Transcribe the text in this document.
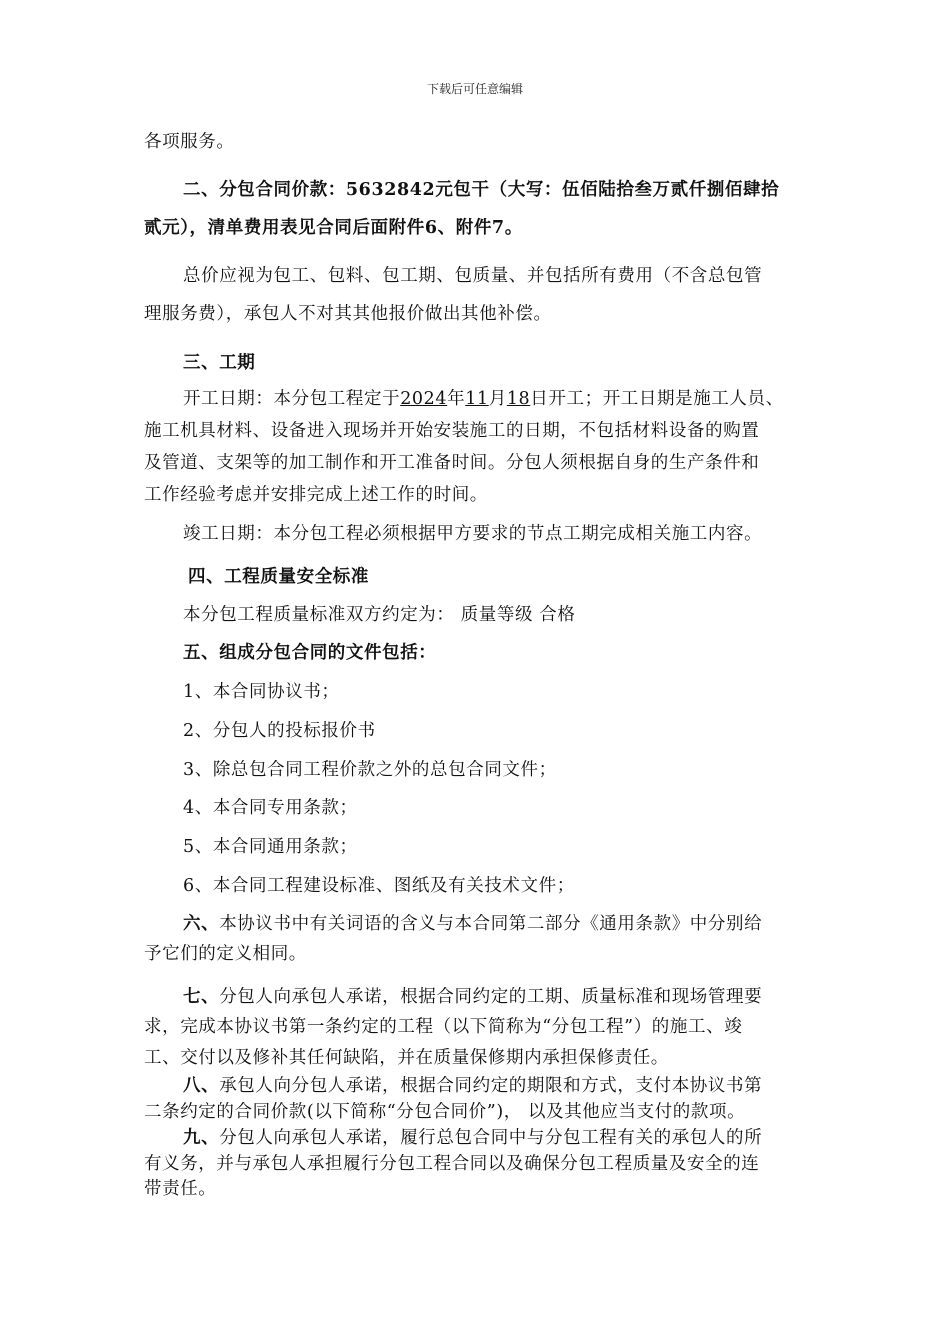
下载后可任意编辑
各项服务。
二、分包合同价款：5632842元包干（大写：伍佰陆拾叁万贰仟捌佰肆拾
贰元），清单费用表见合同后面附件6、附件7。
总价应视为包工、包料、包工期、包质量、并包括所有费用（不含总包管
理服务费），承包人不对其其他报价做出其他补偿。
三、工期
开工日期：本分包工程定于2024年11月18日开工；开工日期是施工人员、
施工机具材料、设备进入现场并开始安装施工的日期，不包括材料设备的购置
及管道、支架等的加工制作和开工准备时间。分包人须根据自身的生产条件和
工作经验考虑并安排完成上述工作的时间。
竣工日期：本分包工程必须根据甲方要求的节点工期完成相关施工内容。
四、工程质量安全标准
本分包工程质量标准双方约定为： 质量等级 合格
五、组成分包合同的文件包括：
1、本合同协议书；
2、分包人的投标报价书
3、除总包合同工程价款之外的总包合同文件；
4、本合同专用条款；
5、本合同通用条款；
6、本合同工程建设标准、图纸及有关技术文件；
六、本协议书中有关词语的含义与本合同第二部分《通用条款》中分别给
予它们的定义相同。
七、分包人向承包人承诺，根据合同约定的工期、质量标准和现场管理要
求，完成本协议书第一条约定的工程（以下简称为“分包工程”）的施工、竣
工、交付以及修补其任何缺陷，并在质量保修期内承担保修责任。
八、承包人向分包人承诺，根据合同约定的期限和方式，支付本协议书第
二条约定的合同价款(以下简称“分包合同价”)， 以及其他应当支付的款项。
九、分包人向承包人承诺，履行总包合同中与分包工程有关的承包人的所
有义务，并与承包人承担履行分包工程合同以及确保分包工程质量及安全的连
带责任。
